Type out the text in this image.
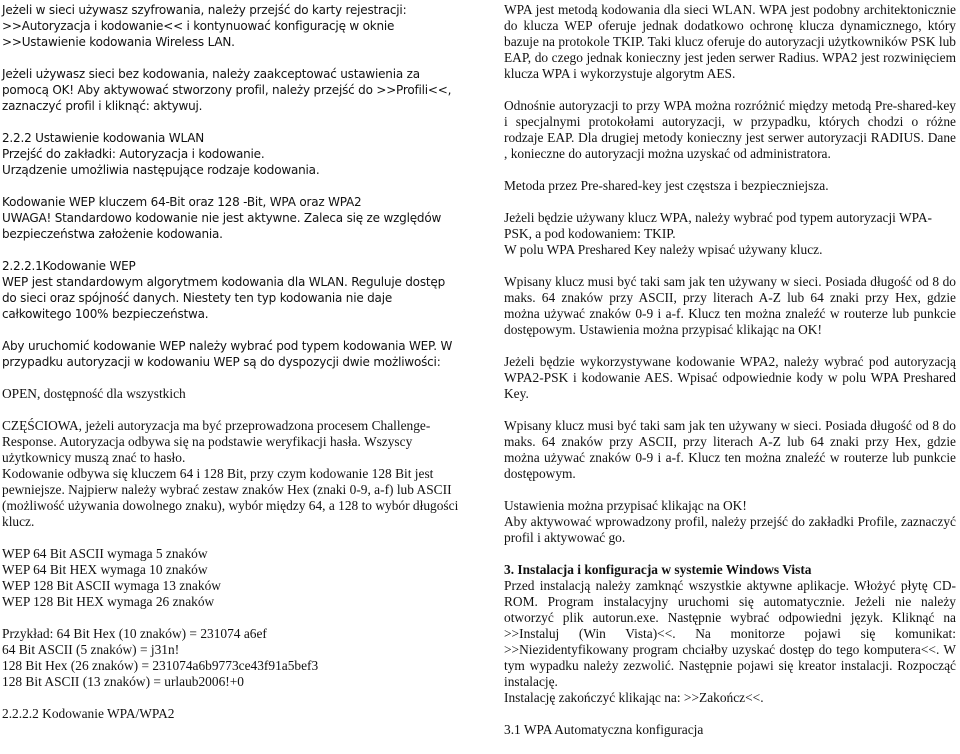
Jeżeli w sieci używasz szyfrowania, należy przejść do karty rejestracji: >>Autoryzacja i kodowanie<< i kontynuować konfigurację w oknie >>Ustawienie kodowania Wireless LAN.

Jeżeli używasz sieci bez kodowania, należy zaakceptować ustawienia za pomocą OK! Aby aktywować stworzony profil, należy przejść do >>Profili<<, zaznaczyć profil i kliknąć: aktywuj.

2.2.2 Ustawienie kodowania WLAN
Przejść do zakładki: Autoryzacja i kodowanie.
Urządzenie umożliwia następujące rodzaje kodowania.

Kodowanie WEP kluczem 64-Bit oraz 128 -Bit, WPA oraz WPA2
UWAGA! Standardowo kodowanie nie jest aktywne. Zaleca się ze względów bezpieczeństwa założenie kodowania.

2.2.2.1Kodowanie WEP
WEP jest standardowym algorytmem kodowania dla WLAN. Reguluje dostęp do sieci oraz spójność danych. Niestety ten typ kodowania nie daje całkowitego 100% bezpieczeństwa.

Aby uruchomić kodowanie WEP należy wybrać pod typem kodowania WEP. W przypadku autoryzacji w kodowaniu WEP są do dyspozycji dwie możliwości:

OPEN, dostępność dla wszystkich

CZĘŚCIOWA, jeżeli autoryzacja ma być przeprowadzona procesem Challenge-Response. Autoryzacja odbywa się na podstawie weryfikacji hasła. Wszyscy użytkownicy muszą znać to hasło.
Kodowanie odbywa się kluczem 64 i 128 Bit, przy czym kodowanie 128 Bit jest pewniejsze. Najpierw należy wybrać zestaw znaków Hex (znaki 0-9, a-f) lub ASCII (możliwość używania dowolnego znaku), wybór między 64, a 128 to wybór długości klucz.

WEP 64 Bit ASCII wymaga 5 znaków
WEP 64 Bit HEX wymaga 10 znaków
WEP 128 Bit ASCII wymaga 13 znaków
WEP 128 Bit HEX wymaga 26 znaków

Przykład: 64 Bit Hex (10 znaków) = 231074 a6ef
64 Bit ASCII (5 znaków) = j31n!
128 Bit Hex (26 znaków) = 231074a6b9773ce43f91a5bef3
128 Bit ASCII (13 znaków) = urlaub2006!+0

2.2.2.2 Kodowanie WPA/WPA2

WPA jest metodą kodowania dla sieci WLAN. WPA jest podobny architektonicznie do klucza WEP oferuje jednak dodatkowo ochronę klucza dynamicznego, który bazuje na protokole TKIP. Taki klucz oferuje do autoryzacji użytkowników PSK lub EAP, do czego jednak konieczny jest jeden serwer Radius. WPA2 jest rozwinięciem klucza WPA i wykorzystuje algorytm AES.

Odnośnie autoryzacji to przy WPA można rozróżnić między metodą Pre-shared-key i specjalnymi protokołami autoryzacji, w przypadku, których chodzi o różne rodzaje EAP. Dla drugiej metody konieczny jest serwer autoryzacji RADIUS. Dane , konieczne do autoryzacji można uzyskać od administratora.

Metoda przez Pre-shared-key jest częstsza i bezpieczniejsza.

Jeżeli będzie używany klucz WPA, należy wybrać pod typem autoryzacji WPA-PSK, a pod kodowaniem: TKIP.
W polu WPA Preshared Key należy wpisać używany klucz.

Wpisany klucz musi być taki sam jak ten używany w sieci. Posiada długość od 8 do maks. 64 znaków przy ASCII, przy literach A-Z lub 64 znaki przy Hex, gdzie można używać znaków 0-9 i a-f. Klucz ten można znaleźć w routerze lub punkcie dostępowym. Ustawienia można przypisać klikając na OK!

Jeżeli będzie wykorzystywane kodowanie WPA2, należy wybrać pod autoryzacją WPA2-PSK i kodowanie AES. Wpisać odpowiednie kody w polu WPA Preshared Key.

Wpisany klucz musi być taki sam jak ten używany w sieci. Posiada długość od 8 do maks. 64 znaków przy ASCII, przy literach A-Z lub 64 znaki przy Hex, gdzie można używać znaków 0-9 i a-f. Klucz ten można znaleźć w routerze lub punkcie dostępowym.

Ustawienia można przypisać klikając na OK!
Aby aktywować wprowadzony profil, należy przejść do zakładki Profile, zaznaczyć profil i aktywować go.

3. Instalacja i konfiguracja w systemie Windows Vista

Przed instalacją należy zamknąć wszystkie aktywne aplikacje. Włożyć płytę CD-ROM. Program instalacyjny uruchomi się automatycznie. Jeżeli nie należy otworzyć plik autorun.exe. Następnie wybrać odpowiedni język. Kliknąć na >>Instaluj (Win Vista)<<. Na monitorze pojawi się komunikat: >>Niezidentyfikowany program chciałby uzyskać dostęp do tego komputera<<. W tym wypadku należy zezwolić. Następnie pojawi się kreator instalacji. Rozpocząć instalację.
Instalację zakończyć klikając na: >>Zakończ<<.

3.1 WPA Automatyczna konfiguracja
